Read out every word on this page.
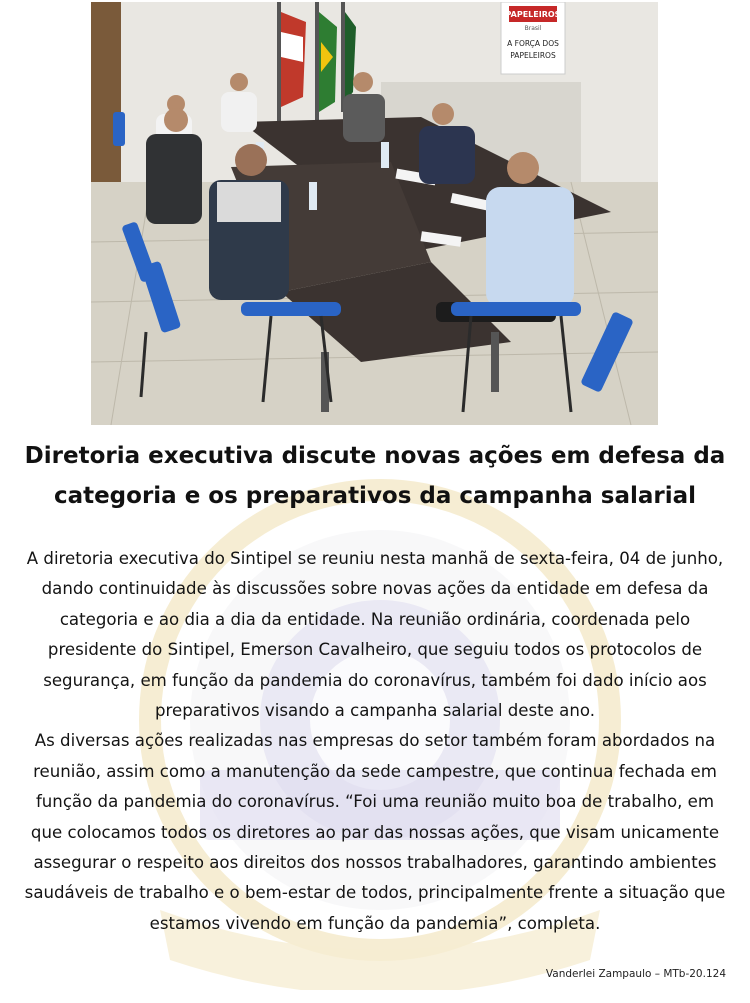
PAPELEIROS
Brasil
A FORÇA DOS
PAPELEIROS
Diretoria executiva discute novas ações em defesa da
categoria e os preparativos da campanha salarial

A diretoria executiva do Sintipel se reuniu nesta manhã de sexta-feira, 04 de junho, dando continuidade às discussões sobre novas ações da entidade em defesa da categoria e ao dia a dia da entidade. Na reunião ordinária, coordenada pelo presidente do Sintipel, Emerson Cavalheiro, que seguiu todos os protocolos de segurança, em função da pandemia do coronavírus, também foi dado início aos preparativos visando a campanha salarial deste ano.

As diversas ações realizadas nas empresas do setor também foram abordados na reunião, assim como a manutenção da sede campestre, que continua fechada em função da pandemia do coronavírus. “Foi uma reunião muito boa de trabalho, em que colocamos todos os diretores ao par das nossas ações, que visam unicamente assegurar o respeito aos direitos dos nossos trabalhadores, garantindo ambientes saudáveis de trabalho e o bem-estar de todos, principalmente frente a situação que estamos vivendo em função da pandemia”, completa.

Vanderlei Zampaulo – MTb-20.124
